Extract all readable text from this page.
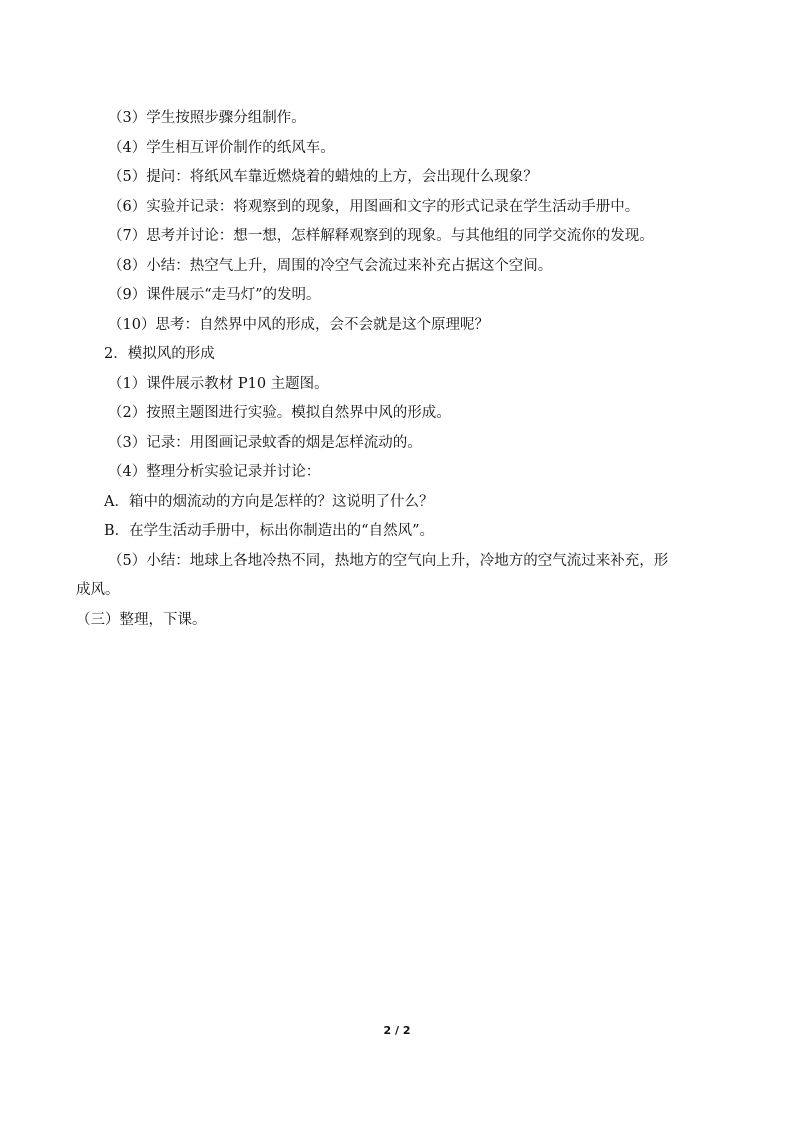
（3）学生按照步骤分组制作。
（4）学生相互评价制作的纸风车。
（5）提问：将纸风车靠近燃烧着的蜡烛的上方，会出现什么现象？
（6）实验并记录：将观察到的现象，用图画和文字的形式记录在学生活动手册中。
（7）思考并讨论：想一想，怎样解释观察到的现象。与其他组的同学交流你的发现。
（8）小结：热空气上升，周围的冷空气会流过来补充占据这个空间。
（9）课件展示“走马灯”的发明。
（10）思考：自然界中风的形成，会不会就是这个原理呢？
2．模拟风的形成
（1）课件展示教材 P10 主题图。
（2）按照主题图进行实验。模拟自然界中风的形成。
（3）记录：用图画记录蚊香的烟是怎样流动的。
（4）整理分析实验记录并讨论：
A．箱中的烟流动的方向是怎样的？这说明了什么？
B．在学生活动手册中，标出你制造出的“自然风”。
（5）小结：地球上各地冷热不同，热地方的空气向上升，冷地方的空气流过来补充，形
成风。
（三）整理，下课。
2 / 2
